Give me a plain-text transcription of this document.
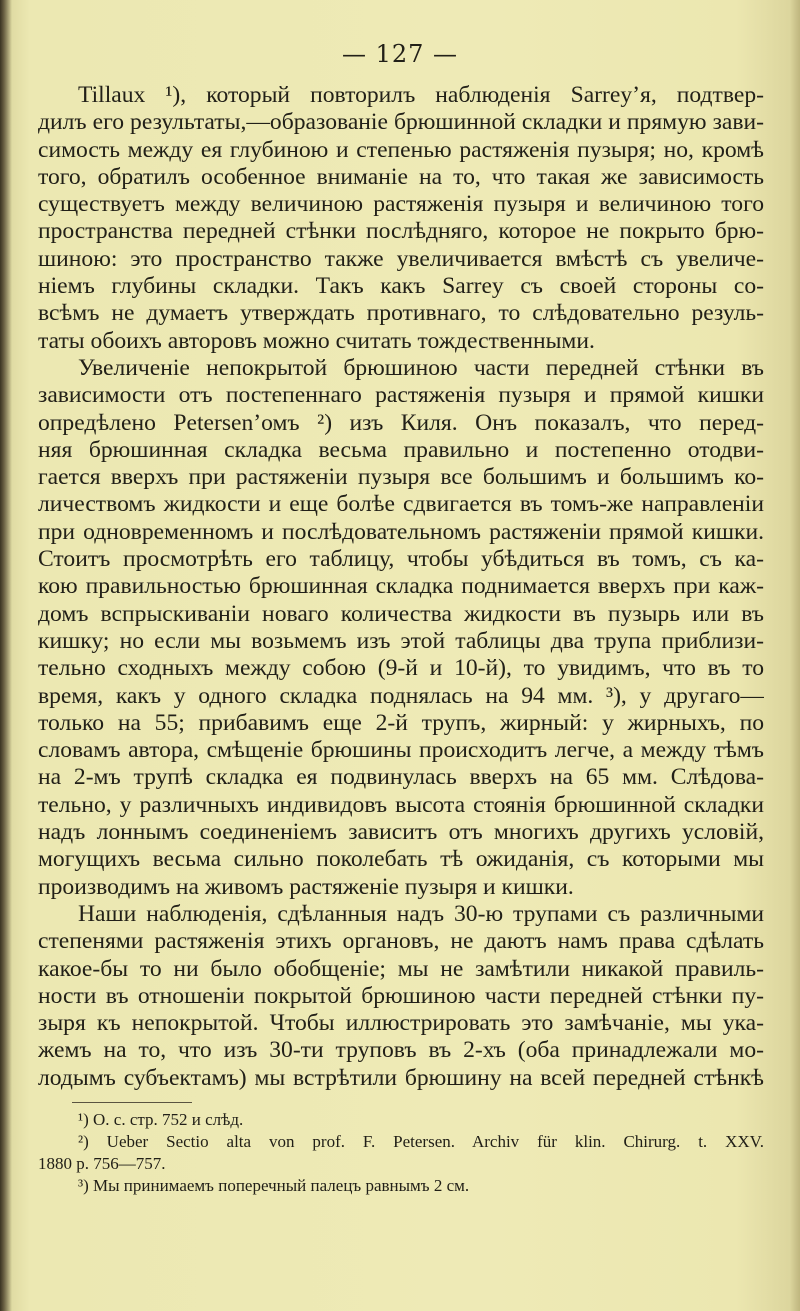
— 127 —
Tillaux ¹), который повторилъ наблюденія Sarrey’я, подтвер-
дилъ его результаты,—образованіе брюшинной складки и прямую зави-
симость между ея глубиною и степенью растяженія пузыря; но, кромѣ
того, обратилъ особенное вниманіе на то, что такая же зависимость
существуетъ между величиною растяженія пузыря и величиною того
пространства передней стѣнки послѣдняго, которое не покрыто брю-
шиною: это пространство также увеличивается вмѣстѣ съ увеличе-
ніемъ глубины складки. Такъ какъ Sarrey съ своей стороны со-
всѣмъ не думаетъ утверждать противнаго, то слѣдовательно резуль-
таты обоихъ авторовъ можно считать тождественными.
Увеличеніе непокрытой брюшиною части передней стѣнки въ
зависимости отъ постепеннаго растяженія пузыря и прямой кишки
опредѣлено Petersen’омъ ²) изъ Киля. Онъ показалъ, что перед-
няя брюшинная складка весьма правильно и постепенно отодви-
гается вверхъ при растяженіи пузыря все большимъ и большимъ ко-
личествомъ жидкости и еще болѣе сдвигается въ томъ-же направленіи
при одновременномъ и послѣдовательномъ растяженіи прямой кишки.
Стоитъ просмотрѣть его таблицу, чтобы убѣдиться въ томъ, съ ка-
кою правильностью брюшинная складка поднимается вверхъ при каж-
домъ вспрыскиваніи новаго количества жидкости въ пузырь или въ
кишку; но если мы возьмемъ изъ этой таблицы два трупа приблизи-
тельно сходныхъ между собою (9-й и 10-й), то увидимъ, что въ то
время, какъ у одного складка поднялась на 94 мм. ³), у другаго—
только на 55; прибавимъ еще 2-й трупъ, жирный: у жирныхъ, по
словамъ автора, смѣщеніе брюшины происходитъ легче, а между тѣмъ
на 2-мъ трупѣ складка ея подвинулась вверхъ на 65 мм. Слѣдова-
тельно, у различныхъ индивидовъ высота стоянія брюшинной складки
надъ лоннымъ соединеніемъ зависитъ отъ многихъ другихъ условій,
могущихъ весьма сильно поколебать тѣ ожиданія, съ которыми мы
производимъ на живомъ растяженіе пузыря и кишки.
Наши наблюденія, сдѣланныя надъ 30-ю трупами съ различными
степенями растяженія этихъ органовъ, не даютъ намъ права сдѣлать
какое-бы то ни было обобщеніе; мы не замѣтили никакой правиль-
ности въ отношеніи покрытой брюшиною части передней стѣнки пу-
зыря къ непокрытой. Чтобы иллюстрировать это замѣчаніе, мы ука-
жемъ на то, что изъ 30-ти труповъ въ 2-хъ (оба принадлежали мо-
лодымъ субъектамъ) мы встрѣтили брюшину на всей передней стѣнкѣ
¹) O. c. стр. 752 и слѣд.
²) Ueber Sectio alta von prof. F. Petersen. Archiv für klin. Chirurg. t. XXV.
1880 p. 756—757.
³) Мы принимаемъ поперечный палецъ равнымъ 2 см.
